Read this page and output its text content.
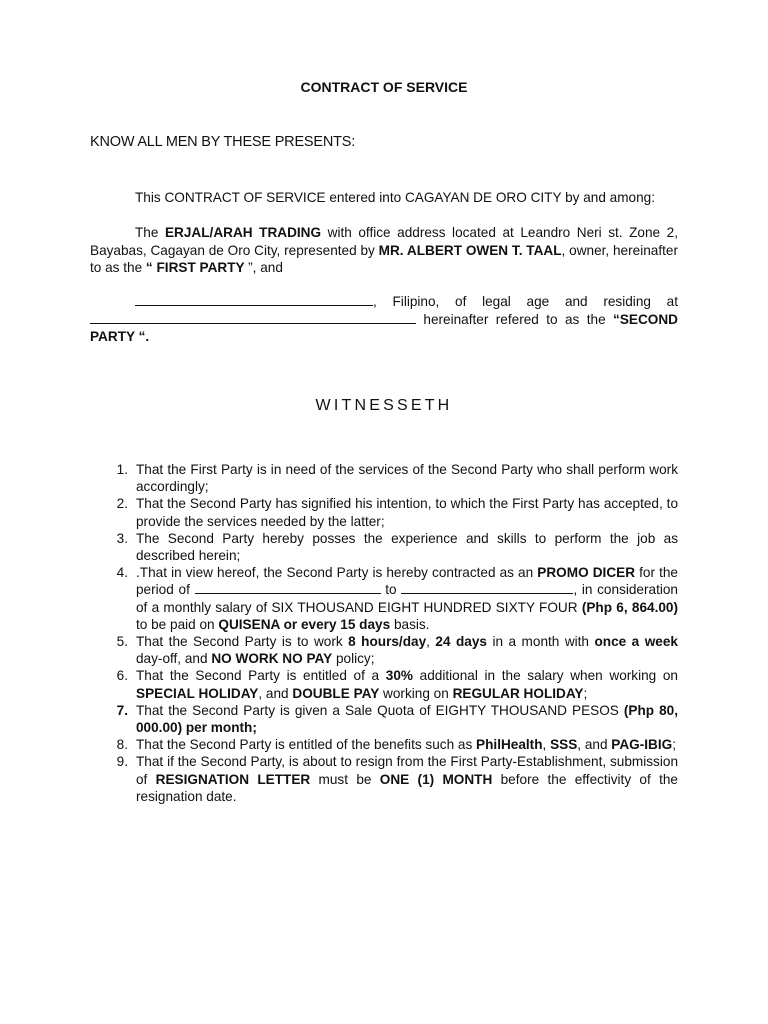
CONTRACT OF SERVICE
KNOW ALL MEN BY THESE PRESENTS:
This CONTRACT OF SERVICE entered into CAGAYAN DE ORO CITY by and among:
The ERJAL/ARAH TRADING with office address located at Leandro Neri st. Zone 2, Bayabas, Cagayan de Oro City, represented by MR. ALBERT OWEN T. TAAL, owner, hereinafter to as the “ FIRST PARTY ”, and
, Filipino, of legal age and residing at  hereinafter refered to as the “SECOND PARTY “.
WITNESSETH
1. That the First Party is in need of the services of the Second Party who shall perform work accordingly;
2. That the Second Party has signified his intention, to which the First Party has accepted, to provide the services needed by the latter;
3. The Second Party hereby posses the experience and skills to perform the job as described herein;
4. .That in view hereof, the Second Party is hereby contracted as an PROMO DICER for the period of	to	, in consideration of a monthly salary of SIX THOUSAND EIGHT HUNDRED SIXTY FOUR (Php 6, 864.00) to be paid on QUISENA or every 15 days basis.
5. That the Second Party is to work 8 hours/day, 24 days in a month with once a week day-off, and NO WORK NO PAY policy;
6. That the Second Party is entitled of a 30% additional in the salary when working on SPECIAL HOLIDAY, and DOUBLE PAY working on REGULAR HOLIDAY;
7. That the Second Party is given a Sale Quota of EIGHTY THOUSAND PESOS (Php 80, 000.00) per month;
8. That the Second Party is entitled of the benefits such as PhilHealth, SSS, and PAG-IBIG;
9. That if the Second Party, is about to resign from the First Party-Establishment, submission of RESIGNATION LETTER must be ONE (1) MONTH before the effectivity of the resignation date.
